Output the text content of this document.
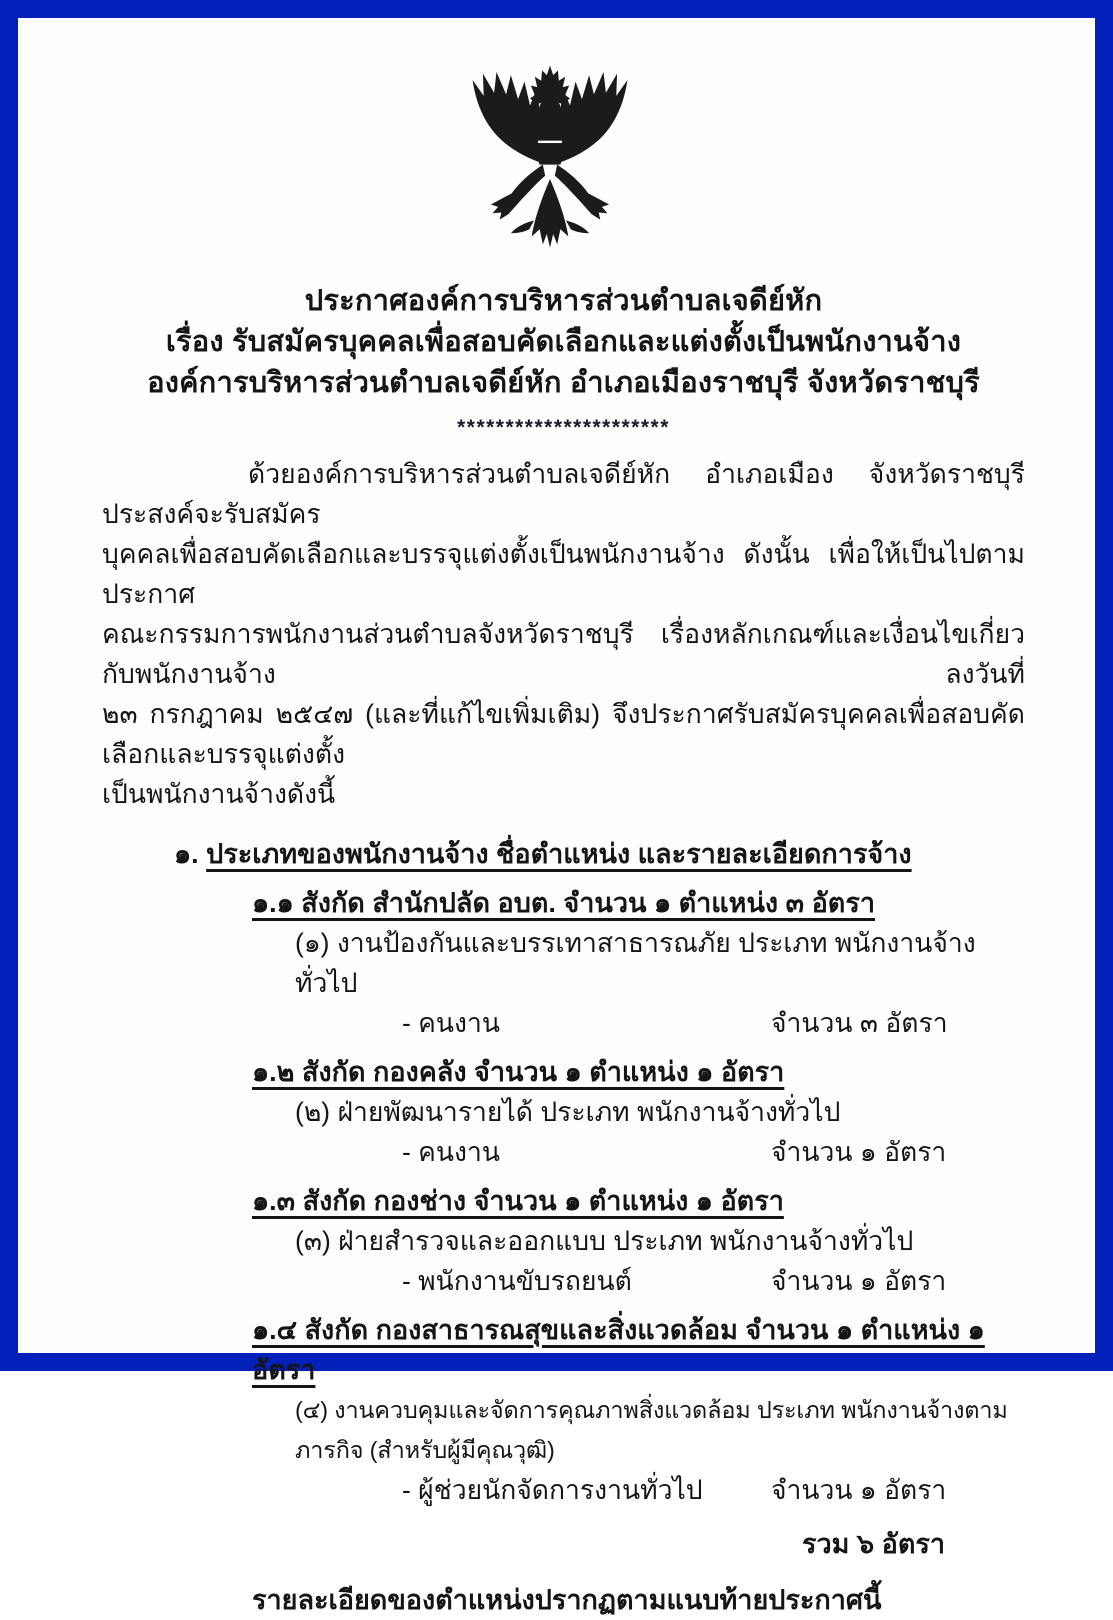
ประกาศองค์การบริหารส่วนตำบลเจดีย์หัก
เรื่อง รับสมัครบุคคลเพื่อสอบคัดเลือกและแต่งตั้งเป็นพนักงานจ้าง
องค์การบริหารส่วนตำบลเจดีย์หัก อำเภอเมืองราชบุรี จังหวัดราชบุรี
**********************
ด้วยองค์การบริหารส่วนตำบลเจดีย์หัก อำเภอเมือง จังหวัดราชบุรี ประสงค์จะรับสมัคร
บุคคลเพื่อสอบคัดเลือกและบรรจุแต่งตั้งเป็นพนักงานจ้าง ดังนั้น เพื่อให้เป็นไปตามประกาศ
คณะกรรมการพนักงานส่วนตำบลจังหวัดราชบุรี เรื่องหลักเกณฑ์และเงื่อนไขเกี่ยวกับพนักงานจ้าง ลงวันที่
๒๓ กรกฎาคม ๒๕๔๗ (และที่แก้ไขเพิ่มเติม) จึงประกาศรับสมัครบุคคลเพื่อสอบคัดเลือกและบรรจุแต่งตั้ง
เป็นพนักงานจ้างดังนี้
๑. ประเภทของพนักงานจ้าง ชื่อตำแหน่ง และรายละเอียดการจ้าง
๑.๑ สังกัด สำนักปลัด อบต. จำนวน ๑ ตำแหน่ง ๓ อัตรา
(๑) งานป้องกันและบรรเทาสาธารณภัย ประเภท พนักงานจ้างทั่วไป
- คนงาน	จำนวน ๓ อัตรา
๑.๒ สังกัด กองคลัง จำนวน ๑ ตำแหน่ง ๑ อัตรา
(๒) ฝ่ายพัฒนารายได้ ประเภท พนักงานจ้างทั่วไป
- คนงาน	จำนวน ๑ อัตรา
๑.๓ สังกัด กองช่าง จำนวน ๑ ตำแหน่ง ๑ อัตรา
(๓) ฝ่ายสำรวจและออกแบบ ประเภท พนักงานจ้างทั่วไป
- พนักงานขับรถยนต์	จำนวน ๑ อัตรา
๑.๔ สังกัด กองสาธารณสุขและสิ่งแวดล้อม จำนวน ๑ ตำแหน่ง ๑ อัตรา
(๔) งานควบคุมและจัดการคุณภาพสิ่งแวดล้อม ประเภท พนักงานจ้างตามภารกิจ (สำหรับผู้มีคุณวุฒิ)
- ผู้ช่วยนักจัดการงานทั่วไป	จำนวน ๑ อัตรา
รวม ๖ อัตรา
รายละเอียดของตำแหน่งปรากฏตามแนบท้ายประกาศนี้
